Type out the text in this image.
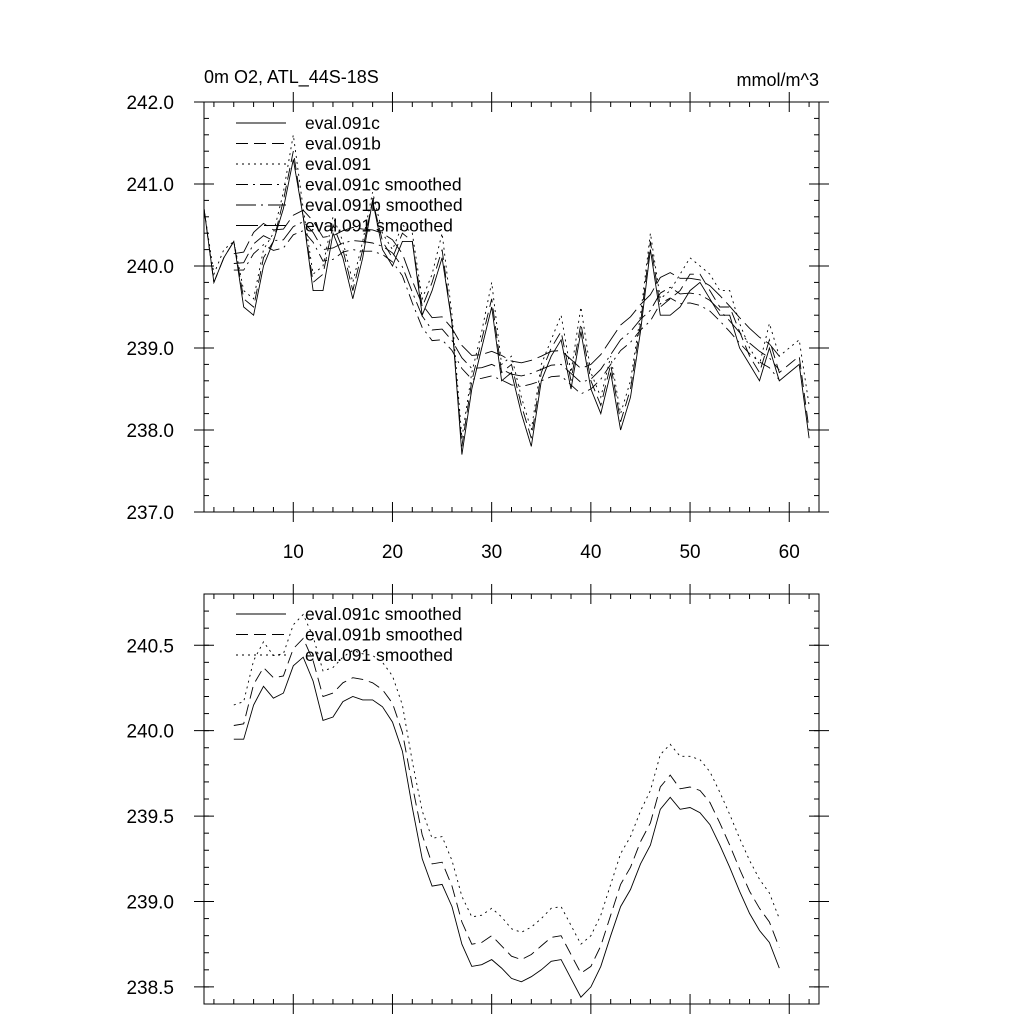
0m O2, ATL_44S-18S	mmol/m^3
237.0
238.0
239.0
240.0
241.0
242.0
10	20	30	40	50	60
eval.091c
eval.091b
eval.091
eval.091c smoothed
eval.091b smoothed
eval.091 smoothed
238.5
239.0
239.5
240.0
240.5
eval.091c smoothed
eval.091b smoothed
eval.091 smoothed
